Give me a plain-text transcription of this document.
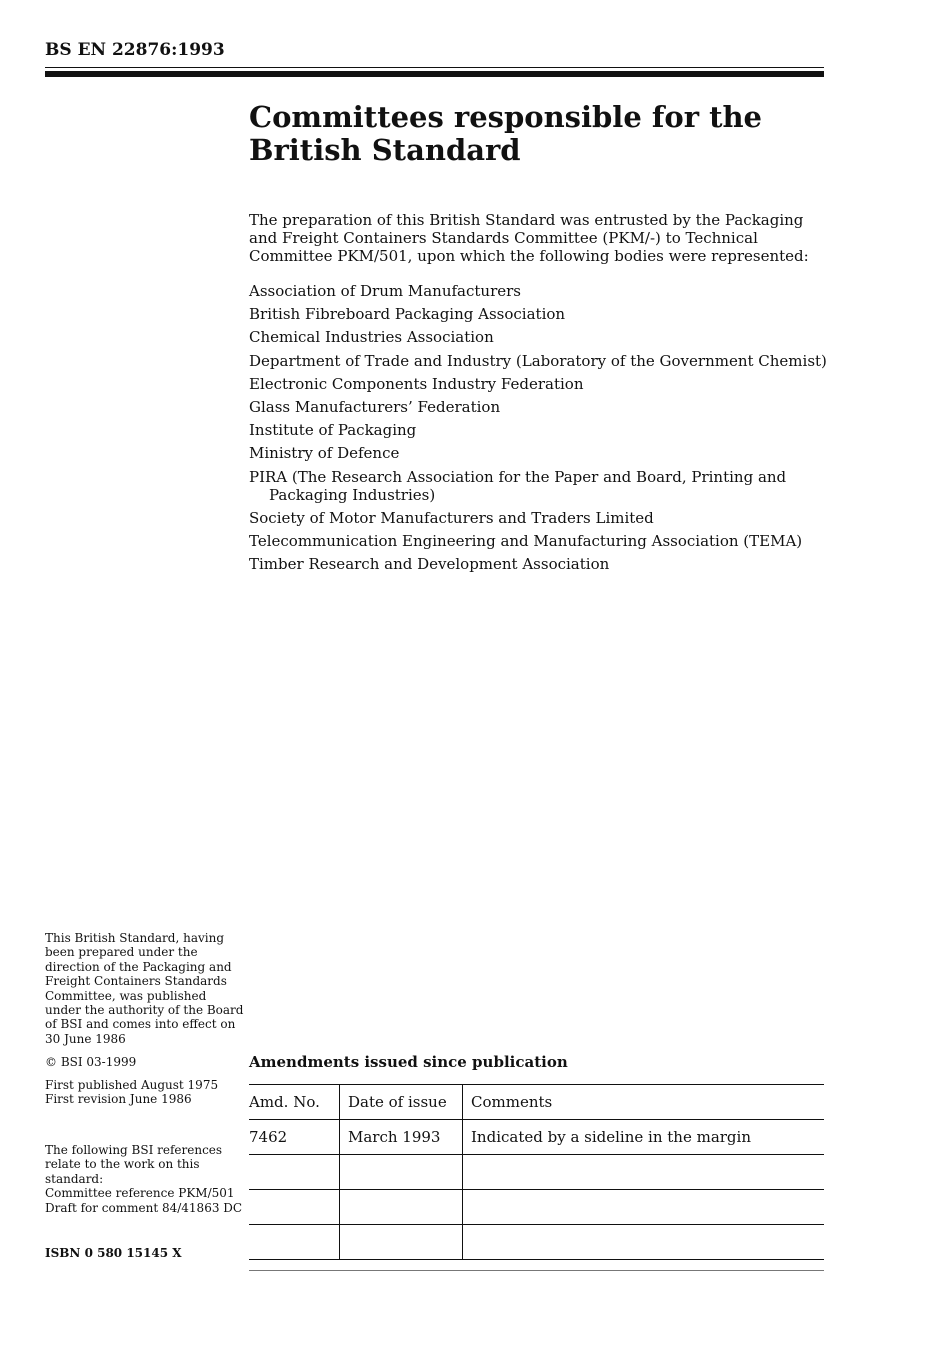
BS EN 22876:1993
Committees responsible for the British Standard

The preparation of this British Standard was entrusted by the Packaging and Freight Containers Standards Committee (PKM/-) to Technical Committee PKM/501, upon which the following bodies were represented:

Association of Drum Manufacturers
British Fibreboard Packaging Association
Chemical Industries Association
Department of Trade and Industry (Laboratory of the Government Chemist)
Electronic Components Industry Federation
Glass Manufacturers’ Federation
Institute of Packaging
Ministry of Defence
PIRA (The Research Association for the Paper and Board, Printing and Packaging Industries)
Society of Motor Manufacturers and Traders Limited
Telecommunication Engineering and Manufacturing Association (TEMA)
Timber Research and Development Association

This British Standard, having been prepared under the direction of the Packaging and Freight Containers Standards Committee, was published under the authority of the Board of BSI and comes into effect on 30 June 1986

© BSI 03-1999

First published August 1975

First revision June 1986

The following BSI references relate to the work on this standard:

Committee reference PKM/501

Draft for comment 84/41863 DC

ISBN 0 580 15145 X
Amendments issued since publication
Amd. No.	Date of issue	Comments
7462	March 1993	Indicated by a sideline in the margin
